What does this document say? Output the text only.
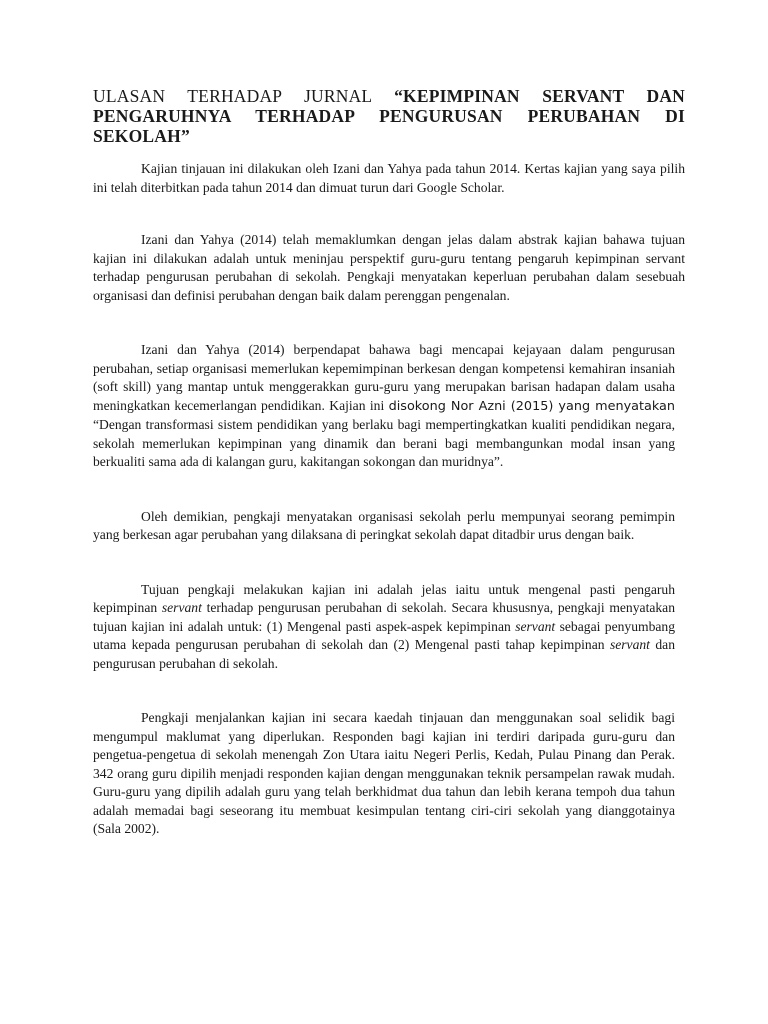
ULASAN TERHADAP JURNAL “KEPIMPINAN SERVANT DAN PENGARUHNYA TERHADAP PENGURUSAN PERUBAHAN DI SEKOLAH”

Kajian tinjauan ini dilakukan oleh Izani dan Yahya pada tahun 2014. Kertas kajian yang saya pilih ini telah diterbitkan pada tahun 2014 dan dimuat turun dari Google Scholar.

Izani dan Yahya (2014) telah memaklumkan dengan jelas dalam abstrak kajian bahawa tujuan kajian ini dilakukan adalah untuk meninjau perspektif guru-guru tentang pengaruh kepimpinan servant terhadap pengurusan perubahan di sekolah. Pengkaji menyatakan keperluan perubahan dalam sesebuah organisasi dan definisi perubahan dengan baik dalam perenggan pengenalan.

Izani dan Yahya (2014) berpendapat bahawa bagi mencapai kejayaan dalam pengurusan perubahan, setiap organisasi memerlukan kepemimpinan berkesan dengan kompetensi kemahiran insaniah (soft skill) yang mantap untuk menggerakkan guru-guru yang merupakan barisan hadapan dalam usaha meningkatkan kecemerlangan pendidikan. Kajian ini disokong Nor Azni (2015) yang menyatakan “Dengan transformasi sistem pendidikan yang berlaku bagi mempertingkatkan kualiti pendidikan negara, sekolah memerlukan kepimpinan yang dinamik dan berani bagi membangunkan modal insan yang berkualiti sama ada di kalangan guru, kakitangan sokongan dan muridnya”.

Oleh demikian, pengkaji menyatakan organisasi sekolah perlu mempunyai seorang pemimpin yang berkesan agar perubahan yang dilaksana di peringkat sekolah dapat ditadbir urus dengan baik.

Tujuan pengkaji melakukan kajian ini adalah jelas iaitu untuk mengenal pasti pengaruh kepimpinan servant terhadap pengurusan perubahan di sekolah. Secara khususnya, pengkaji menyatakan tujuan kajian ini adalah untuk: (1) Mengenal pasti aspek-aspek kepimpinan servant sebagai penyumbang utama kepada pengurusan perubahan di sekolah dan (2) Mengenal pasti tahap kepimpinan servant dan pengurusan perubahan di sekolah.

Pengkaji menjalankan kajian ini secara kaedah tinjauan dan menggunakan soal selidik bagi mengumpul maklumat yang diperlukan. Responden bagi kajian ini terdiri daripada guru-guru dan pengetua-pengetua di sekolah menengah Zon Utara iaitu Negeri Perlis, Kedah, Pulau Pinang dan Perak. 342 orang guru dipilih menjadi responden kajian dengan menggunakan teknik persampelan rawak mudah. Guru-guru yang dipilih adalah guru yang telah berkhidmat dua tahun dan lebih kerana tempoh dua tahun adalah memadai bagi seseorang itu membuat kesimpulan tentang ciri-ciri sekolah yang dianggotainya (Sala 2002).
